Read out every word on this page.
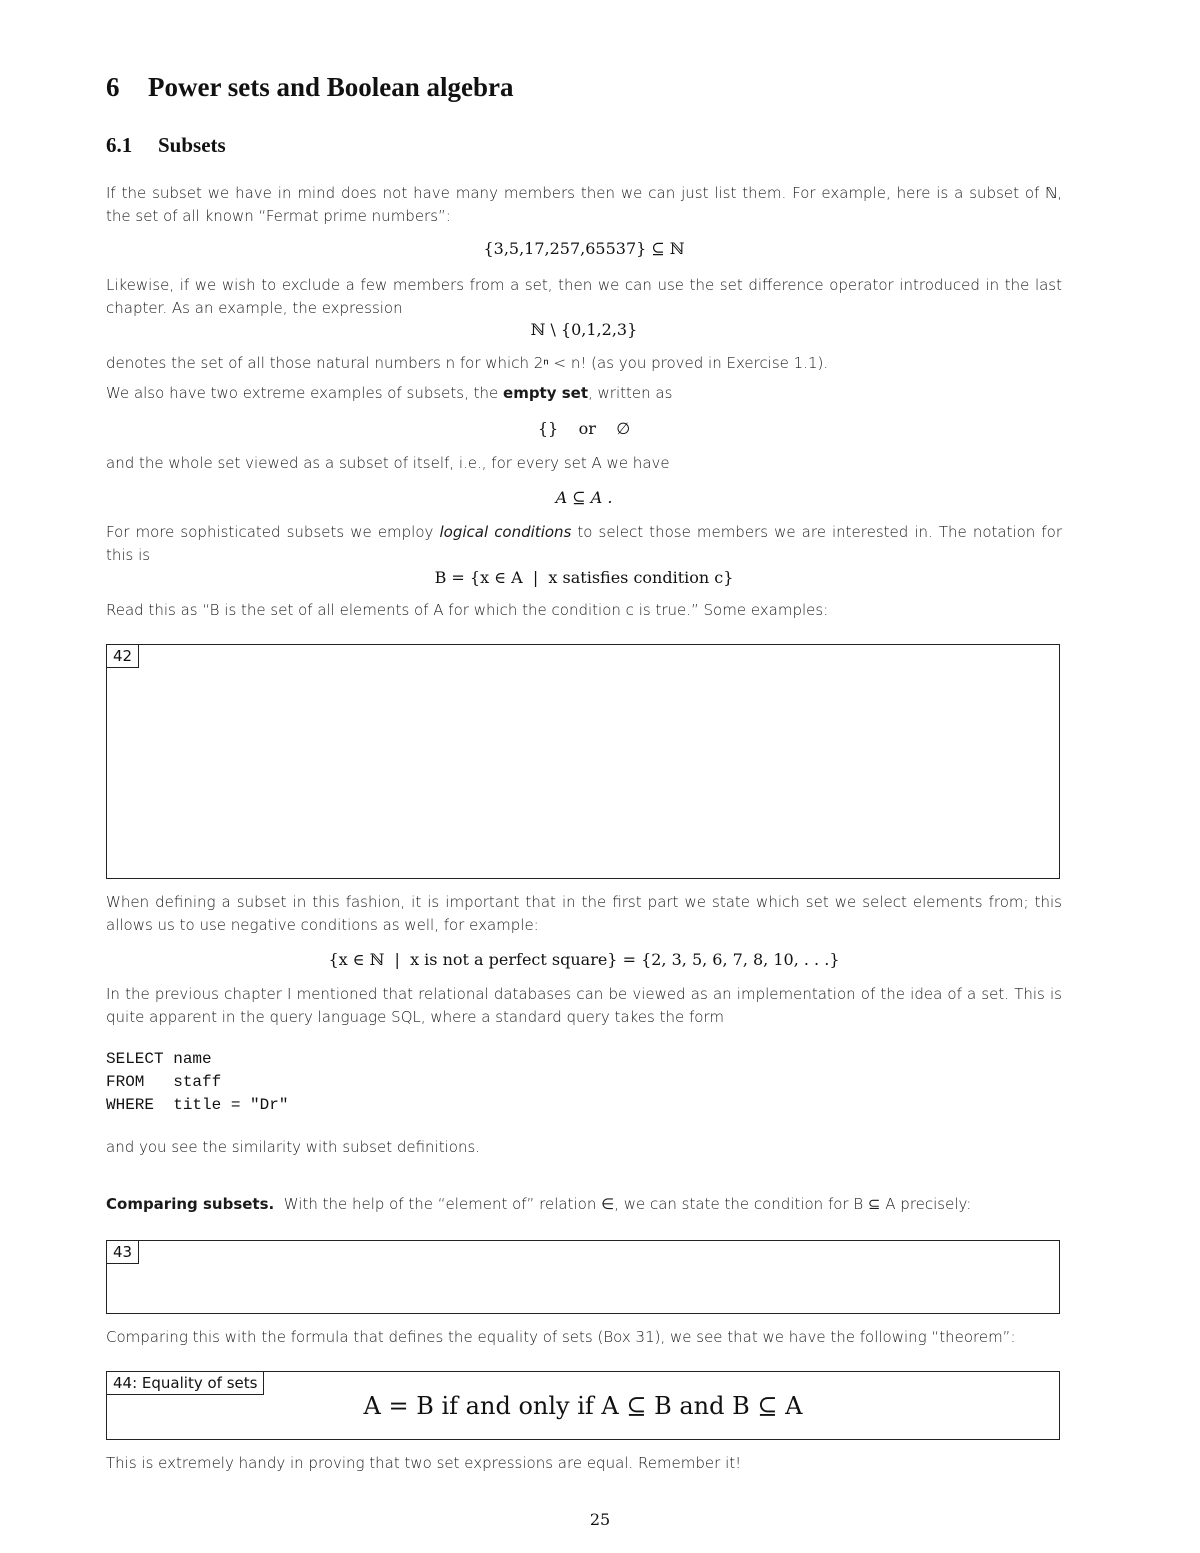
6 Power sets and Boolean algebra
6.1 Subsets

If the subset we have in mind does not have many members then we can just list them. For example, here is a subset of ℕ, the set of all known “Fermat prime numbers”:

{3,5,17,257,65537} ⊆ ℕ

Likewise, if we wish to exclude a few members from a set, then we can use the set difference operator introduced in the last chapter. As an example, the expression

ℕ \ {0,1,2,3}

denotes the set of all those natural numbers n for which 2ⁿ < n! (as you proved in Exercise 1.1).

We also have two extreme examples of subsets, the empty set, written as

{}    or    ∅

and the whole set viewed as a subset of itself, i.e., for every set A we have

A ⊆ A .

For more sophisticated subsets we employ logical conditions to select those members we are interested in. The notation for this is

B = {x ∈ A  |  x satisfies condition c}

Read this as “B is the set of all elements of A for which the condition c is true.” Some examples:

42

When defining a subset in this fashion, it is important that in the first part we state which set we select elements from; this allows us to use negative conditions as well, for example:

{x ∈ ℕ  |  x is not a perfect square} = {2, 3, 5, 6, 7, 8, 10, . . .}

In the previous chapter I mentioned that relational databases can be viewed as an implementation of the idea of a set. This is quite apparent in the query language SQL, where a standard query takes the form

SELECT name
FROM   staff
WHERE  title = "Dr"

and you see the similarity with subset definitions.

Comparing subsets.  With the help of the “element of” relation ∈, we can state the condition for B ⊆ A precisely:

43

Comparing this with the formula that defines the equality of sets (Box 31), we see that we have the following “theorem”:

44: Equality of sets
A = B if and only if A ⊆ B and B ⊆ A

This is extremely handy in proving that two set expressions are equal. Remember it!

25
